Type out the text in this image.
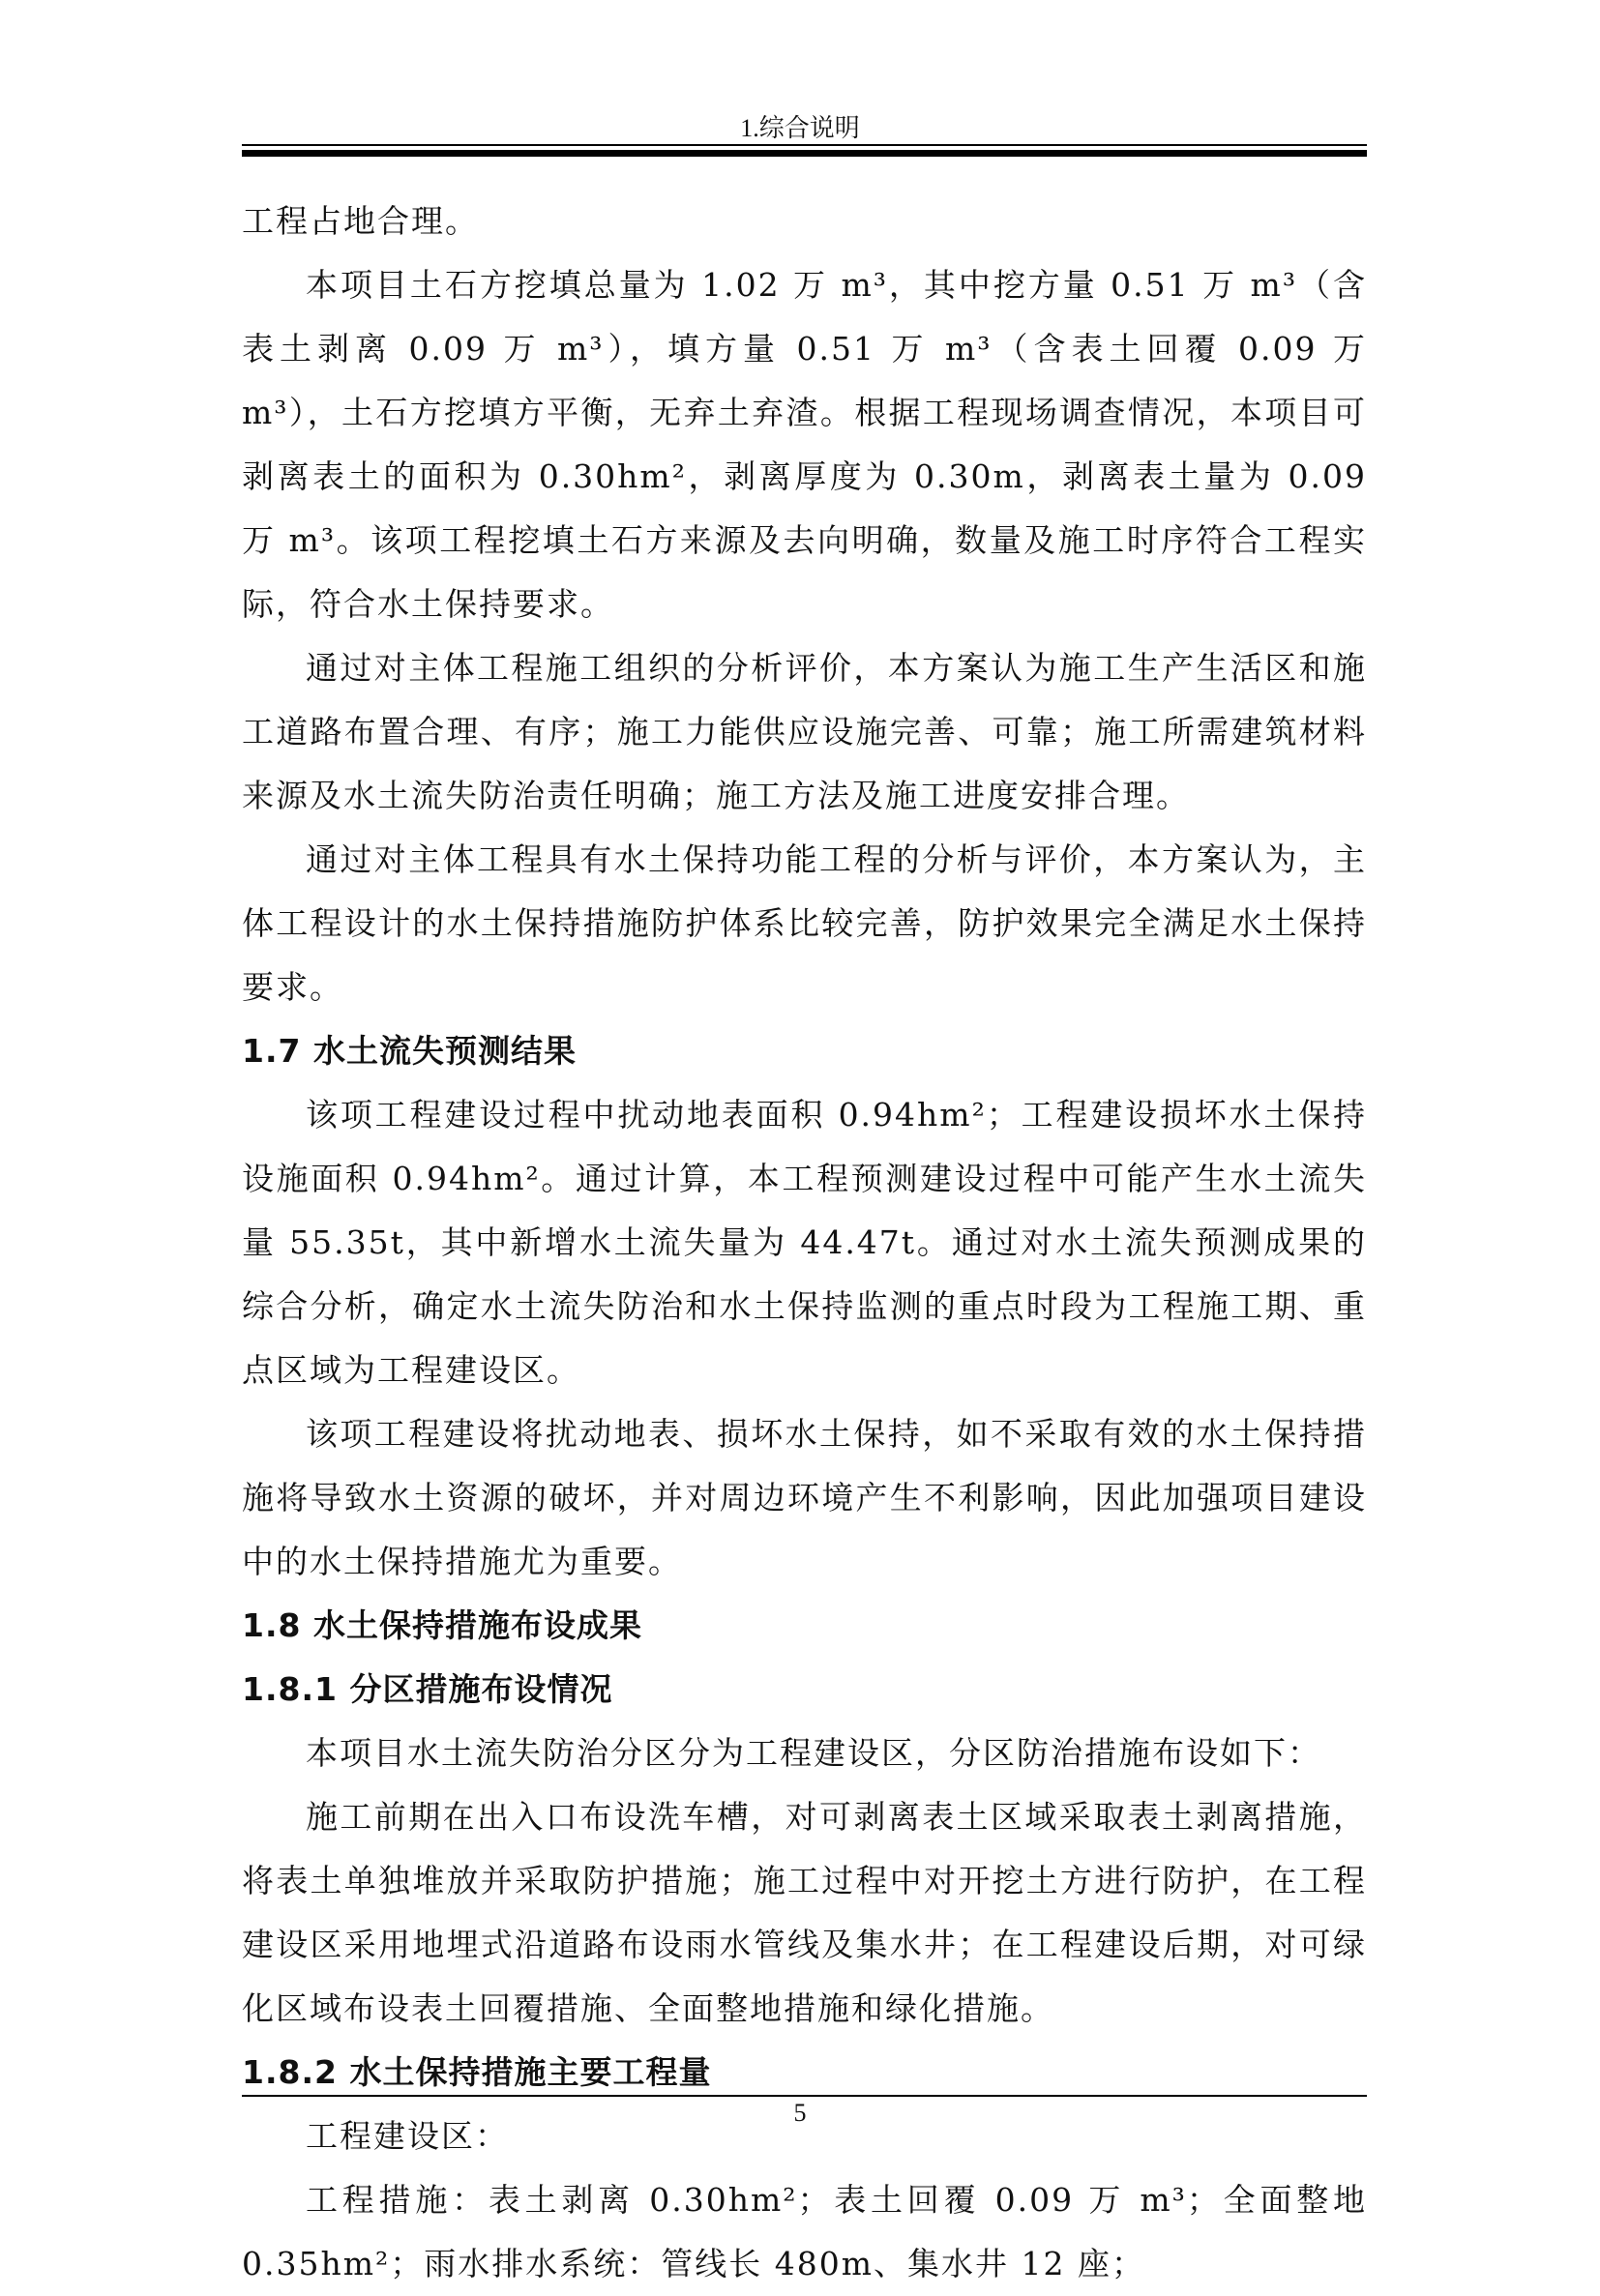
1.综合说明

工程占地合理。

本项目土石方挖填总量为 1.02 万 m³，其中挖方量 0.51 万 m³（含表土剥离 0.09 万 m³），填方量 0.51 万 m³（含表土回覆 0.09 万 m³），土石方挖填方平衡，无弃土弃渣。根据工程现场调查情况，本项目可剥离表土的面积为 0.30hm²，剥离厚度为 0.30m，剥离表土量为 0.09 万 m³。该项工程挖填土石方来源及去向明确，数量及施工时序符合工程实际，符合水土保持要求。

通过对主体工程施工组织的分析评价，本方案认为施工生产生活区和施工道路布置合理、有序；施工力能供应设施完善、可靠；施工所需建筑材料来源及水土流失防治责任明确；施工方法及施工进度安排合理。

通过对主体工程具有水土保持功能工程的分析与评价，本方案认为，主体工程设计的水土保持措施防护体系比较完善，防护效果完全满足水土保持要求。

1.7 水土流失预测结果

该项工程建设过程中扰动地表面积 0.94hm²；工程建设损坏水土保持设施面积 0.94hm²。通过计算，本工程预测建设过程中可能产生水土流失量 55.35t，其中新增水土流失量为 44.47t。通过对水土流失预测成果的综合分析，确定水土流失防治和水土保持监测的重点时段为工程施工期、重点区域为工程建设区。

该项工程建设将扰动地表、损坏水土保持，如不采取有效的水土保持措施将导致水土资源的破坏，并对周边环境产生不利影响，因此加强项目建设中的水土保持措施尤为重要。

1.8 水土保持措施布设成果
1.8.1 分区措施布设情况

本项目水土流失防治分区分为工程建设区，分区防治措施布设如下：

施工前期在出入口布设洗车槽，对可剥离表土区域采取表土剥离措施，将表土单独堆放并采取防护措施；施工过程中对开挖土方进行防护，在工程建设区采用地埋式沿道路布设雨水管线及集水井；在工程建设后期，对可绿化区域布设表土回覆措施、全面整地措施和绿化措施。

1.8.2 水土保持措施主要工程量

工程建设区：

工程措施：表土剥离 0.30hm²；表土回覆 0.09 万 m³；全面整地 0.35hm²；雨水排水系统：管线长 480m、集水井 12 座；

5
